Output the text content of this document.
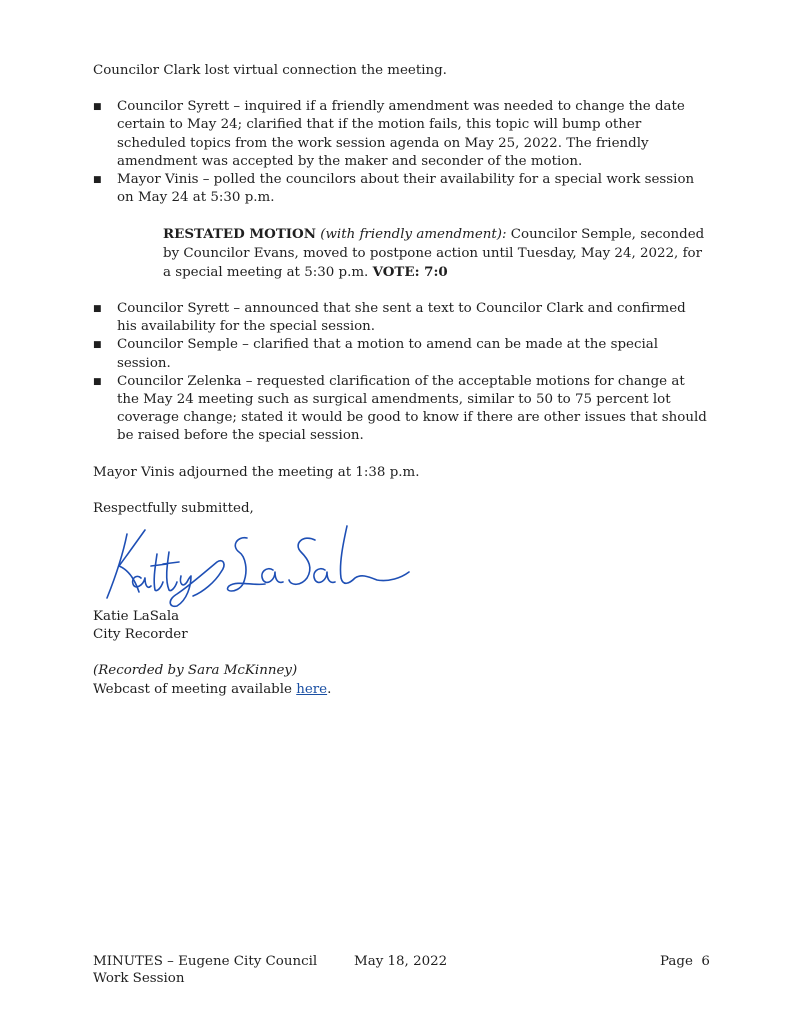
Councilor Clark lost virtual connection the meeting.

■ Councilor Syrett – inquired if a friendly amendment was needed to change the date certain to May 24; clarified that if the motion fails, this topic will bump other scheduled topics from the work session agenda on May 25, 2022. The friendly amendment was accepted by the maker and seconder of the motion.
■ Mayor Vinis – polled the councilors about their availability for a special work session on May 24 at 5:30 p.m.

RESTATED MOTION (with friendly amendment): Councilor Semple, seconded by Councilor Evans, moved to postpone action until Tuesday, May 24, 2022, for a special meeting at 5:30 p.m. VOTE: 7:0

■ Councilor Syrett – announced that she sent a text to Councilor Clark and confirmed his availability for the special session.
■ Councilor Semple – clarified that a motion to amend can be made at the special session.
■ Councilor Zelenka – requested clarification of the acceptable motions for change at the May 24 meeting such as surgical amendments, similar to 50 to 75 percent lot coverage change; stated it would be good to know if there are other issues that should be raised before the special session.

Mayor Vinis adjourned the meeting at 1:38 p.m.

Respectfully submitted,

Katie LaSala

City Recorder

(Recorded by Sara McKinney)

Webcast of meeting available here.

MINUTES – Eugene City Council
Work Session
May 18, 2022	Page 6
